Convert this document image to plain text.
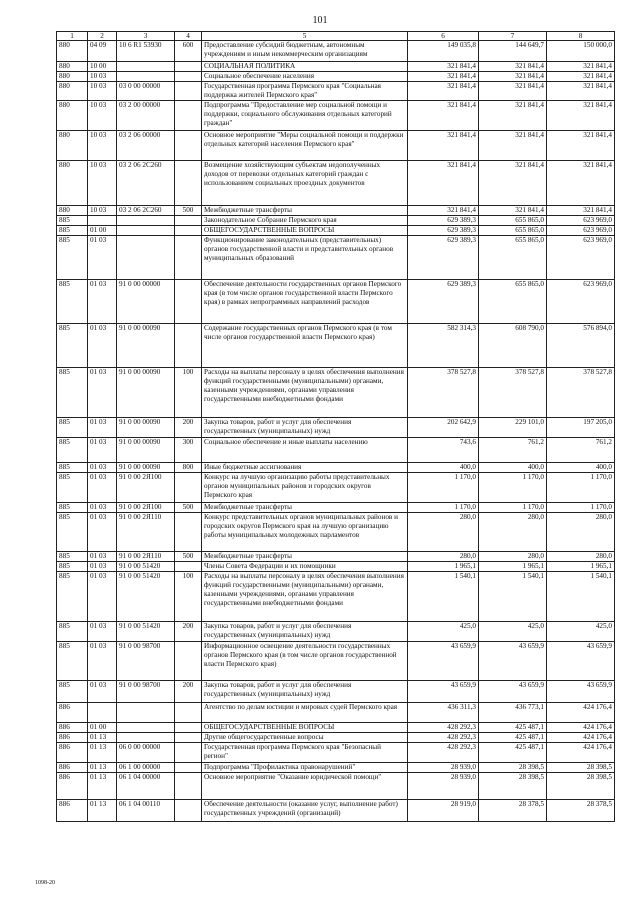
101
1	2	3	4	5	6	7	8
880	04 09	10 6 R1 53930	600	Предоставление субсидий бюджетным, автономным учреждениям и иным некоммерческим организациям	149 035,8	144 649,7	150 000,0
880	10 00			СОЦИАЛЬНАЯ ПОЛИТИКА	321 841,4	321 841,4	321 841,4
880	10 03			Социальное обеспечение населения	321 841,4	321 841,4	321 841,4
880	10 03	03 0 00 00000		Государственная программа Пермского края "Социальная поддержка жителей Пермского края"	321 841,4	321 841,4	321 841,4
880	10 03	03 2 00 00000		Подпрограмма "Предоставление мер социальной помощи и поддержки, социального обслуживания отдельных категорий граждан"	321 841,4	321 841,4	321 841,4
880	10 03	03 2 06 00000		Основное мероприятие "Меры социальной помощи и поддержки отдельных категорий населения Пермского края"	321 841,4	321 841,4	321 841,4
880	10 03	03 2 06 2С260		Возмещение хозяйствующим субъектам недополученных доходов от перевозки отдельных категорий граждан с использованием социальных проездных документов	321 841,4	321 841,4	321 841,4
880	10 03	03 2 06 2С260	500	Межбюджетные трансферты	321 841,4	321 841,4	321 841,4
885				Законодательное Собрание Пермского края	629 389,3	655 865,0	623 969,0
885	01 00			ОБЩЕГОСУДАРСТВЕННЫЕ ВОПРОСЫ	629 389,3	655 865,0	623 969,0
885	01 03			Функционирование законодательных (представительных) органов государственной власти и представительных органов муниципальных образований	629 389,3	655 865,0	623 969,0
885	01 03	91 0 00 00000		Обеспечение деятельности государственных органов Пермского края (в том числе органов государственной власти Пермского края) в рамках непрограммных направлений расходов	629 389,3	655 865,0	623 969,0
885	01 03	91 0 00 00090		Содержание государственных органов Пермского края (в том числе органов государственной власти Пермского края)	582 314,3	608 790,0	576 894,0
885	01 03	91 0 00 00090	100	Расходы на выплаты персоналу в целях обеспечения выполнения функций государственными (муниципальными) органами, казенными учреждениями, органами управления государственными внебюджетными фондами	378 527,8	378 527,8	378 527,8
885	01 03	91 0 00 00090	200	Закупка товаров, работ и услуг для обеспечения государственных (муниципальных) нужд	202 642,9	229 101,0	197 205,0
885	01 03	91 0 00 00090	300	Социальное обеспечение и иные выплаты населению	743,6	761,2	761,2
885	01 03	91 0 00 00090	800	Иные бюджетные ассигнования	400,0	400,0	400,0
885	01 03	91 0 00 2Я100		Конкурс на лучшую организацию работы представительных органов муниципальных районов и городских округов Пермского края	1 170,0	1 170,0	1 170,0
885	01 03	91 0 00 2Я100	500	Межбюджетные трансферты	1 170,0	1 170,0	1 170,0
885	01 03	91 0 00 2Я110		Конкурс представительных органов муниципальных районов и городских округов Пермского края на лучшую организацию работы муниципальных молодежных парламентов	280,0	280,0	280,0
885	01 03	91 0 00 2Я110	500	Межбюджетные трансферты	280,0	280,0	280,0
885	01 03	91 0 00 51420		Члены Совета Федерации и их помощники	1 965,1	1 965,1	1 965,1
885	01 03	91 0 00 51420	100	Расходы на выплаты персоналу в целях обеспечения выполнения функций государственными (муниципальными) органами, казенными учреждениями, органами управления государственными внебюджетными фондами	1 540,1	1 540,1	1 540,1
885	01 03	91 0 00 51420	200	Закупка товаров, работ и услуг для обеспечения государственных (муниципальных) нужд	425,0	425,0	425,0
885	01 03	91 0 00 98700		Информационное освещение деятельности государственных органов Пермского края (в том числе органов государственной власти Пермского края)	43 659,9	43 659,9	43 659,9
885	01 03	91 0 00 98700	200	Закупка товаров, работ и услуг для обеспечения государственных (муниципальных) нужд	43 659,9	43 659,9	43 659,9
886				Агентство по делам юстиции и мировых судей Пермского края	436 311,3	436 773,1	424 176,4
886	01 00			ОБЩЕГОСУДАРСТВЕННЫЕ ВОПРОСЫ	428 292,3	425 487,1	424 176,4
886	01 13			Другие общегосударственные вопросы	428 292,3	425 487,1	424 176,4
886	01 13	06 0 00 00000		Государственная программа Пермского края "Безопасный регион"	428 292,3	425 487,1	424 176,4
886	01 13	06 1 00 00000		Подпрограмма "Профилактика правонарушений"	28 939,0	28 398,5	28 398,5
886	01 13	06 1 04 00000		Основное мероприятие "Оказание юридической помощи"	28 939,0	28 398,5	28 398,5
886	01 13	06 1 04 00110		Обеспечение деятельности (оказание услуг, выполнение работ) государственных учреждений (организаций)	28 919,0	28 378,5	28 378,5
1098-20
